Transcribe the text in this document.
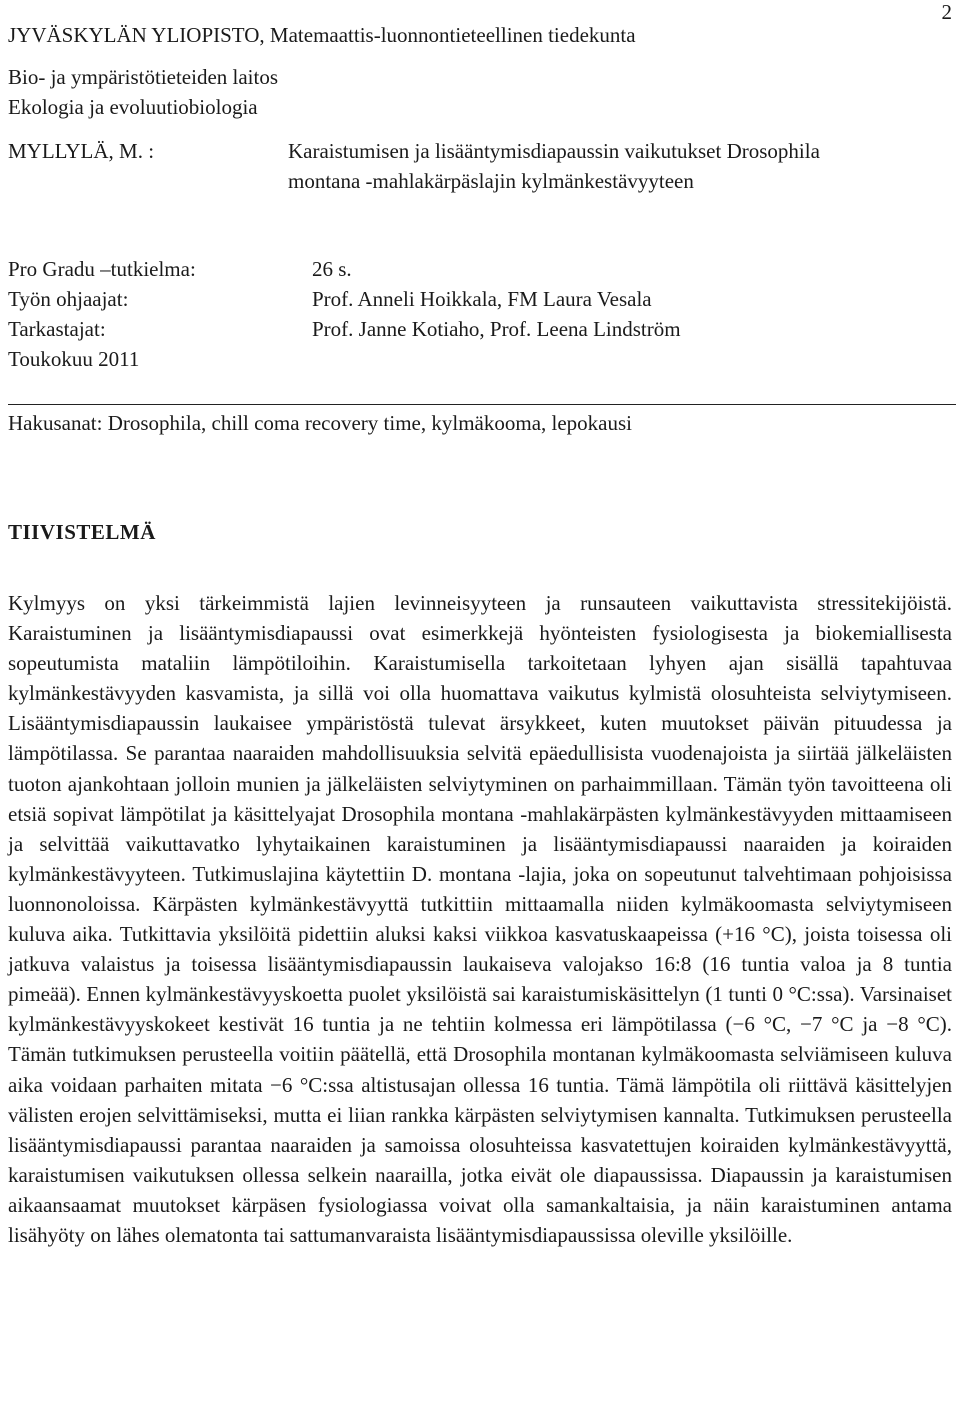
2
JYVÄSKYLÄN YLIOPISTO, Matemaattis-luonnontieteellinen tiedekunta
Bio- ja ympäristötieteiden laitos
Ekologia ja evoluutiobiologia
MYLLYLÄ, M. :	Karaistumisen ja lisääntymisdiapaussin vaikutukset Drosophila
montana -mahlakärpäslajin kylmänkestävyyteen
Pro Gradu –tutkielma:	26 s.
Työn ohjaajat:	Prof. Anneli Hoikkala, FM Laura Vesala
Tarkastajat:	Prof. Janne Kotiaho, Prof. Leena Lindström
Toukokuu 2011
Hakusanat: Drosophila, chill coma recovery time, kylmäkooma, lepokausi
TIIVISTELMÄ

Kylmyys on yksi tärkeimmistä lajien levinneisyyteen ja runsauteen vaikuttavista stressitekijöistä. Karaistuminen ja lisääntymisdiapaussi ovat esimerkkejä hyönteisten fysiologisesta ja biokemiallisesta sopeutumista mataliin lämpötiloihin. Karaistumisella tarkoitetaan lyhyen ajan sisällä tapahtuvaa kylmänkestävyyden kasvamista, ja sillä voi olla huomattava vaikutus kylmistä olosuhteista selviytymiseen. Lisääntymisdiapaussin laukaisee ympäristöstä tulevat ärsykkeet, kuten muutokset päivän pituudessa ja lämpötilassa. Se parantaa naaraiden mahdollisuuksia selvitä epäedullisista vuodenajoista ja siirtää jälkeläisten tuoton ajankohtaan jolloin munien ja jälkeläisten selviytyminen on parhaimmillaan. Tämän työn tavoitteena oli etsiä sopivat lämpötilat ja käsittelyajat Drosophila montana -mahlakärpästen kylmänkestävyyden mittaamiseen ja selvittää vaikuttavatko lyhytaikainen karaistuminen ja lisääntymisdiapaussi naaraiden ja koiraiden kylmänkestävyyteen. Tutkimuslajina käytettiin D. montana -lajia, joka on sopeutunut talvehtimaan pohjoisissa luonnonoloissa. Kärpästen kylmänkestävyyttä tutkittiin mittaamalla niiden kylmäkoomasta selviytymiseen kuluva aika. Tutkittavia yksilöitä pidettiin aluksi kaksi viikkoa kasvatuskaapeissa (+16 °C), joista toisessa oli jatkuva valaistus ja toisessa lisääntymisdiapaussin laukaiseva valojakso 16:8 (16 tuntia valoa ja 8 tuntia pimeää). Ennen kylmänkestävyyskoetta puolet yksilöistä sai karaistumiskäsittelyn (1 tunti 0 °C:ssa). Varsinaiset kylmänkestävyyskokeet kestivät 16 tuntia ja ne tehtiin kolmessa eri lämpötilassa (−6 °C, −7 °C ja −8 °C). Tämän tutkimuksen perusteella voitiin päätellä, että Drosophila montanan kylmäkoomasta selviämiseen kuluva aika voidaan parhaiten mitata −6 °C:ssa altistusajan ollessa 16 tuntia. Tämä lämpötila oli riittävä käsittelyjen välisten erojen selvittämiseksi, mutta ei liian rankka kärpästen selviytymisen kannalta. Tutkimuksen perusteella lisääntymisdiapaussi parantaa naaraiden ja samoissa olosuhteissa kasvatettujen koiraiden kylmänkestävyyttä, karaistumisen vaikutuksen ollessa selkein naarailla, jotka eivät ole diapaussissa. Diapaussin ja karaistumisen aikaansaamat muutokset kärpäsen fysiologiassa voivat olla samankaltaisia, ja näin karaistuminen antama lisähyöty on lähes olematonta tai sattumanvaraista lisääntymisdiapaussissa oleville yksilöille.
